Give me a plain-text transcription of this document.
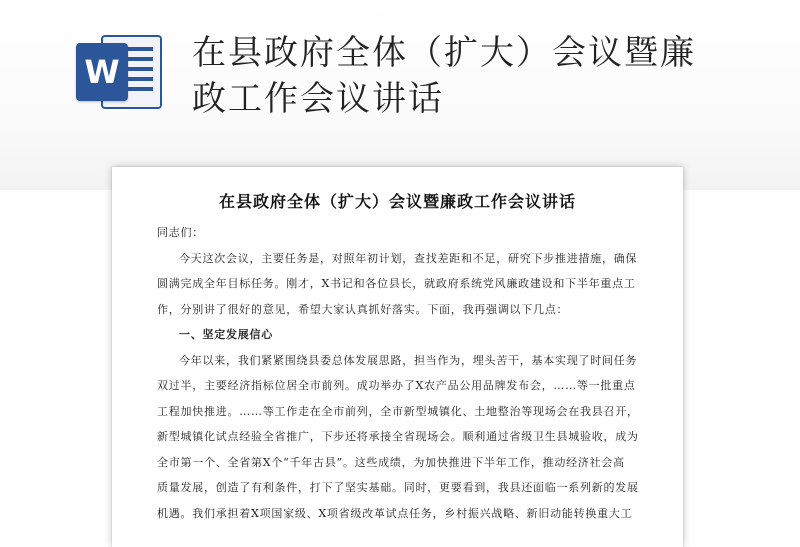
W 在县政府全体（扩大）会议暨廉
政工作会议讲话
在县政府全体（扩大）会议暨廉政工作会议讲话

同志们：

今天这次会议，主要任务是，对照年初计划，查找差距和不足，研究下步推进措施，确保

圆满完成全年目标任务。刚才，X书记和各位县长，就政府系统党风廉政建设和下半年重点工

作，分别讲了很好的意见，希望大家认真抓好落实。下面，我再强调以下几点：

一、坚定发展信心

今年以来，我们紧紧围绕县委总体发展思路，担当作为，埋头苦干，基本实现了时间任务

双过半，主要经济指标位居全市前列。成功举办了X农产品公用品牌发布会，……等一批重点

工程加快推进。……等工作走在全市前列，全市新型城镇化、土地整治等现场会在我县召开，

新型城镇化试点经验全省推广，下步还将承接全省现场会。顺利通过省级卫生县城验收，成为

全市第一个、全省第X个“千年古县”。这些成绩，为加快推进下半年工作，推动经济社会高

质量发展，创造了有利条件，打下了坚实基础。同时，更要看到，我县还面临一系列新的发展

机遇。我们承担着X项国家级、X项省级改革试点任务，乡村振兴战略、新旧动能转换重大工
